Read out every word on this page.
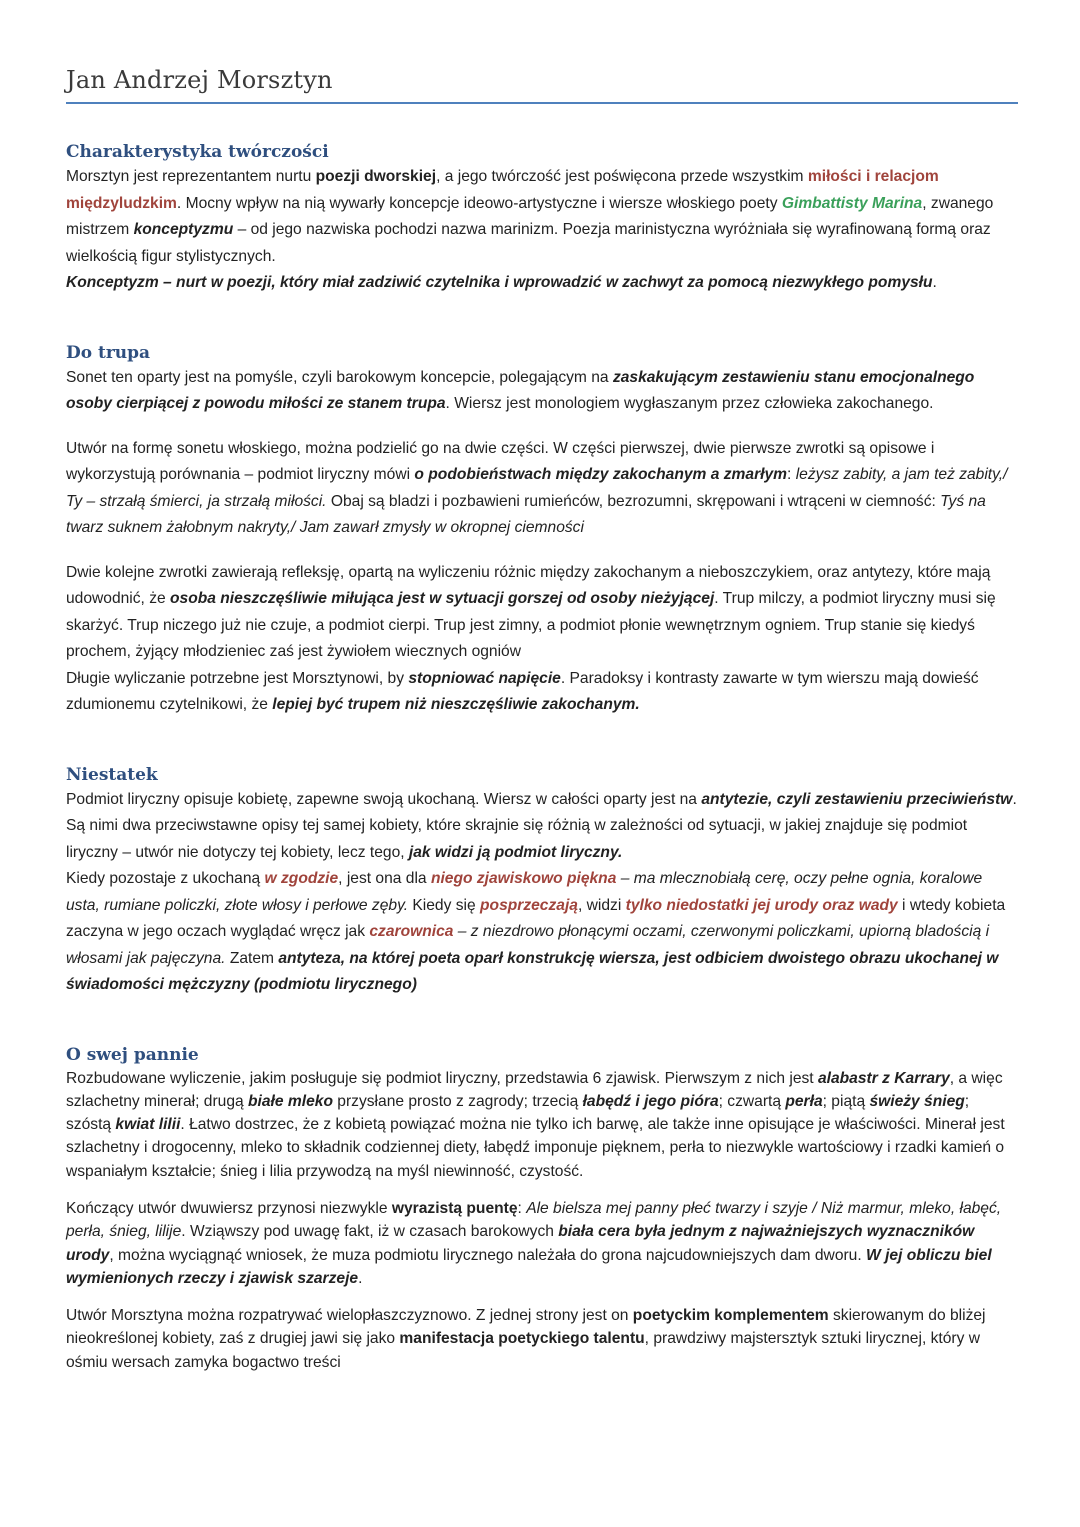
Jan Andrzej Morsztyn
Charakterystyka twórczości

Morsztyn jest reprezentantem nurtu poezji dworskiej, a jego twórczość jest poświęcona przede wszystkim miłości i relacjom międzyludzkim. Mocny wpływ na nią wywarły koncepcje ideowo-artystyczne i wiersze włoskiego poety Gimbattisty Marina, zwanego mistrzem konceptyzmu – od jego nazwiska pochodzi nazwa marinizm. Poezja marinistyczna wyróżniała się wyrafinowaną formą oraz wielkością figur stylistycznych.
Konceptyzm – nurt w poezji, który miał zadziwić czytelnika i wprowadzić w zachwyt za pomocą niezwykłego pomysłu.

Do trupa

Sonet ten oparty jest na pomyśle, czyli barokowym koncepcie, polegającym na zaskakującym zestawieniu stanu emocjonalnego osoby cierpiącej z powodu miłości ze stanem trupa. Wiersz jest monologiem wygłaszanym przez człowieka zakochanego.

Utwór na formę sonetu włoskiego, można podzielić go na dwie części. W części pierwszej, dwie pierwsze zwrotki są opisowe i wykorzystują porównania – podmiot liryczny mówi o podobieństwach między zakochanym a zmarłym: leżysz zabity, a jam też zabity,/ Ty – strzałą śmierci, ja strzałą miłości. Obaj są bladzi i pozbawieni rumieńców, bezrozumni, skrępowani i wtrąceni w ciemność: Tyś na twarz suknem żałobnym nakryty,/ Jam zawarł zmysły w okropnej ciemności

Dwie kolejne zwrotki zawierają refleksję, opartą na wyliczeniu różnic między zakochanym a nieboszczykiem, oraz antytezy, które mają udowodnić, że osoba nieszczęśliwie miłująca jest w sytuacji gorszej od osoby nieżyjącej. Trup milczy, a podmiot liryczny musi się skarżyć. Trup niczego już nie czuje, a podmiot cierpi. Trup jest zimny, a podmiot płonie wewnętrznym ogniem. Trup stanie się kiedyś prochem, żyjący młodzieniec zaś jest żywiołem wiecznych ogniów
Długie wyliczanie potrzebne jest Morsztynowi, by stopniować napięcie. Paradoksy i kontrasty zawarte w tym wierszu mają dowieść zdumionemu czytelnikowi, że lepiej być trupem niż nieszczęśliwie zakochanym.

Niestatek

Podmiot liryczny opisuje kobietę, zapewne swoją ukochaną. Wiersz w całości oparty jest na antytezie, czyli zestawieniu przeciwieństw. Są nimi dwa przeciwstawne opisy tej samej kobiety, które skrajnie się różnią w zależności od sytuacji, w jakiej znajduje się podmiot liryczny – utwór nie dotyczy tej kobiety, lecz tego, jak widzi ją podmiot liryczny.
Kiedy pozostaje z ukochaną w zgodzie, jest ona dla niego zjawiskowo piękna – ma mlecznobiałą cerę, oczy pełne ognia, koralowe usta, rumiane policzki, złote włosy i perłowe zęby. Kiedy się posprzeczają, widzi tylko niedostatki jej urody oraz wady i wtedy kobieta zaczyna w jego oczach wyglądać wręcz jak czarownica – z niezdrowo płonącymi oczami, czerwonymi policzkami, upiorną bladością i włosami jak pajęczyna. Zatem antyteza, na której poeta oparł konstrukcję wiersza, jest odbiciem dwoistego obrazu ukochanej w świadomości mężczyzny (podmiotu lirycznego)

O swej pannie

Rozbudowane wyliczenie, jakim posługuje się podmiot liryczny, przedstawia 6 zjawisk. Pierwszym z nich jest alabastr z Karrary, a więc szlachetny minerał; drugą białe mleko przysłane prosto z zagrody; trzecią łabędź i jego pióra; czwartą perła; piątą świeży śnieg; szóstą kwiat lilii. Łatwo dostrzec, że z kobietą powiązać można nie tylko ich barwę, ale także inne opisujące je właściwości. Minerał jest szlachetny i drogocenny, mleko to składnik codziennej diety, łabędź imponuje pięknem, perła to niezwykle wartościowy i rzadki kamień o wspaniałym kształcie; śnieg i lilia przywodzą na myśl niewinność, czystość.

Kończący utwór dwuwiersz przynosi niezwykle wyrazistą puentę: Ale bielsza mej panny płeć twarzy i szyje / Niż marmur, mleko, łabęć, perła, śnieg, lilije. Wziąwszy pod uwagę fakt, iż w czasach barokowych biała cera była jednym z najważniejszych wyznaczników urody, można wyciągnąć wniosek, że muza podmiotu lirycznego należała do grona najcudowniejszych dam dworu. W jej obliczu biel wymienionych rzeczy i zjawisk szarzeje.

Utwór Morsztyna można rozpatrywać wielopłaszczyznowo. Z jednej strony jest on poetyckim komplementem skierowanym do bliżej nieokreślonej kobiety, zaś z drugiej jawi się jako manifestacja poetyckiego talentu, prawdziwy majstersztyk sztuki lirycznej, który w ośmiu wersach zamyka bogactwo treści
